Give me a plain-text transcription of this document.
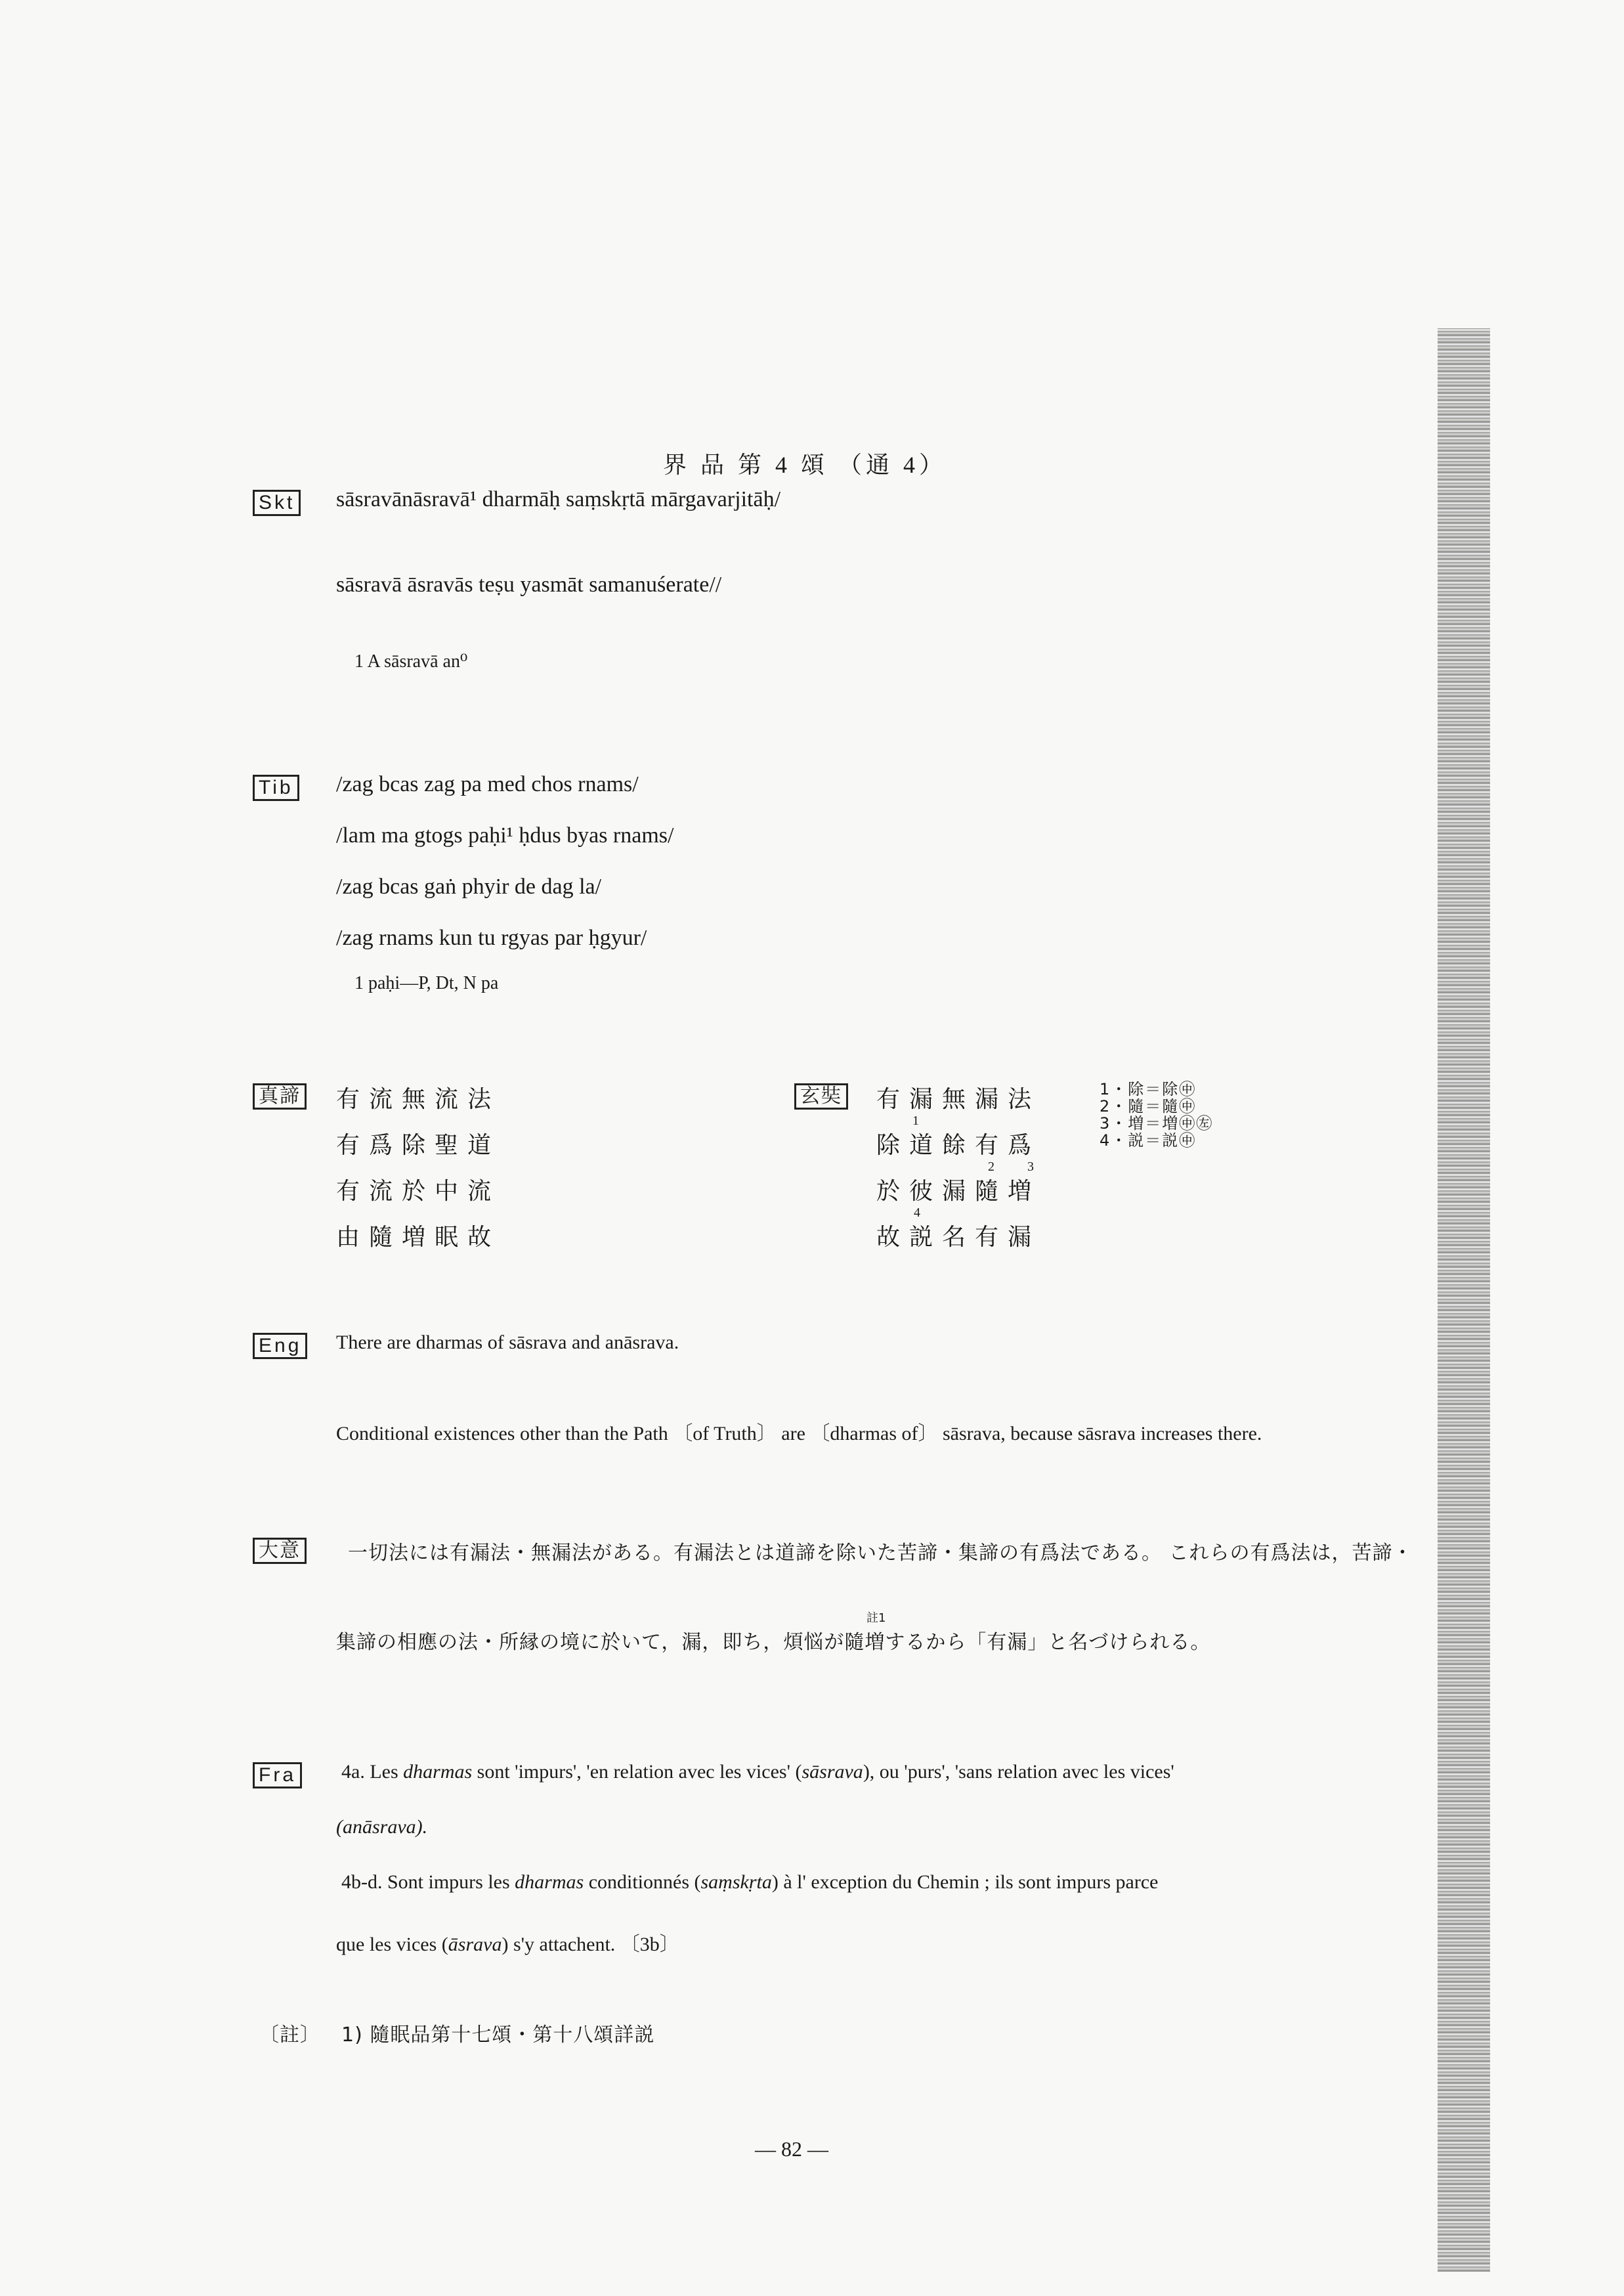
界 品 第 4 頌 （通 4）
Skt sāsravānāsravā¹ dharmāḥ saṃskṛtā mārgavarjitāḥ/
sāsravā āsravās teṣu yasmāt samanuśerate//
1 A sāsravā an⁰
Tib /zag bcas zag pa med chos rnams/
/lam ma gtogs paḥi¹ ḥdus byas rnams/
/zag bcas gaṅ phyir de dag la/
/zag rnams kun tu rgyas par ḥgyur/
1 paḥi—P, Dt, N pa
真諦 有流無流法
有爲除聖道
有流於中流
由隨増眠故
玄奘 有漏無漏法
除道餘有爲
於彼漏隨増
故説名有漏
1
2	3
4
1・除＝除㊥
2・隨＝隨㊥
3・増＝増㊥㊧
4・説＝説㊥
Eng	There are dharmas of sāsrava and anāsrava.
Conditional existences other than the Path 〔of Truth〕 are 〔dharmas of〕 sāsrava, because sāsrava increases there.
大意	一切法には有漏法・無漏法がある。有漏法とは道諦を除いた苦諦・集諦の有爲法である。 これらの有爲法は，苦諦・
註1
集諦の相應の法・所縁の境に於いて，漏，即ち，煩悩が隨増するから「有漏」と名づけられる。
Fra	4a. Les dharmas sont 'impurs', 'en relation avec les vices' (sāsrava), ou 'purs', 'sans relation avec les vices'
(anāsrava).
4b-d. Sont impurs les dharmas conditionnés (saṃskṛta) à l' exception du Chemin ; ils sont impurs parce
que les vices (āsrava) s'y attachent. 〔3b〕
〔註〕 1) 隨眠品第十七頌・第十八頌詳説
— 82 —
